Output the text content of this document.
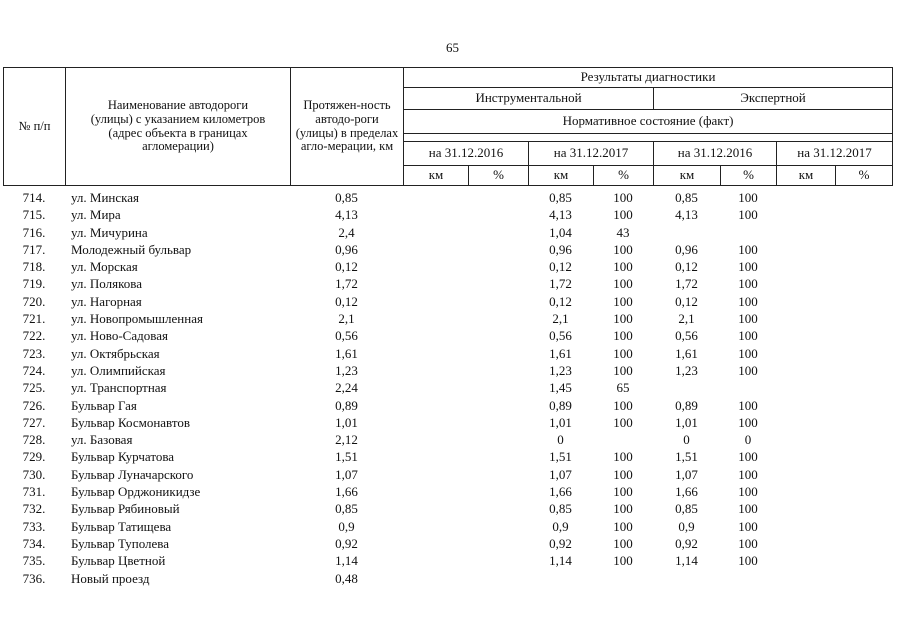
65
№ п/п	Наименование автодороги (улицы) с указанием километров (адрес объекта в границах агломерации)	Протяжен-ность автодо-роги (улицы) в пределах агло-мерации, км	Результаты диагностики							
			Инструментальной				Экспертной			
			Нормативное состояние (факт)							

			на 31.12.2016		на 31.12.2017		на 31.12.2016		на 31.12.2017	
			км	%	км	%	км	%	км	%
714.	ул. Минская	0,85			0,85	100	0,85	100		
715.	ул. Мира	4,13			4,13	100	4,13	100		
716.	ул. Мичурина	2,4			1,04	43				
717.	Молодежный бульвар	0,96			0,96	100	0,96	100		
718.	ул. Морская	0,12			0,12	100	0,12	100		
719.	ул. Полякова	1,72			1,72	100	1,72	100		
720.	ул. Нагорная	0,12			0,12	100	0,12	100		
721.	ул. Новопромышленная	2,1			2,1	100	2,1	100		
722.	ул. Ново-Садовая	0,56			0,56	100	0,56	100		
723.	ул. Октябрьская	1,61			1,61	100	1,61	100		
724.	ул. Олимпийская	1,23			1,23	100	1,23	100		
725.	ул. Транспортная	2,24			1,45	65				
726.	Бульвар Гая	0,89			0,89	100	0,89	100		
727.	Бульвар Космонавтов	1,01			1,01	100	1,01	100		
728.	ул. Базовая	2,12			0		0	0		
729.	Бульвар Курчатова	1,51			1,51	100	1,51	100		
730.	Бульвар Луначарского	1,07			1,07	100	1,07	100		
731.	Бульвар Орджоникидзе	1,66			1,66	100	1,66	100		
732.	Бульвар Рябиновый	0,85			0,85	100	0,85	100		
733.	Бульвар Татищева	0,9			0,9	100	0,9	100		
734.	Бульвар Туполева	0,92			0,92	100	0,92	100		
735.	Бульвар Цветной	1,14			1,14	100	1,14	100		
736.	Новый проезд	0,48								
